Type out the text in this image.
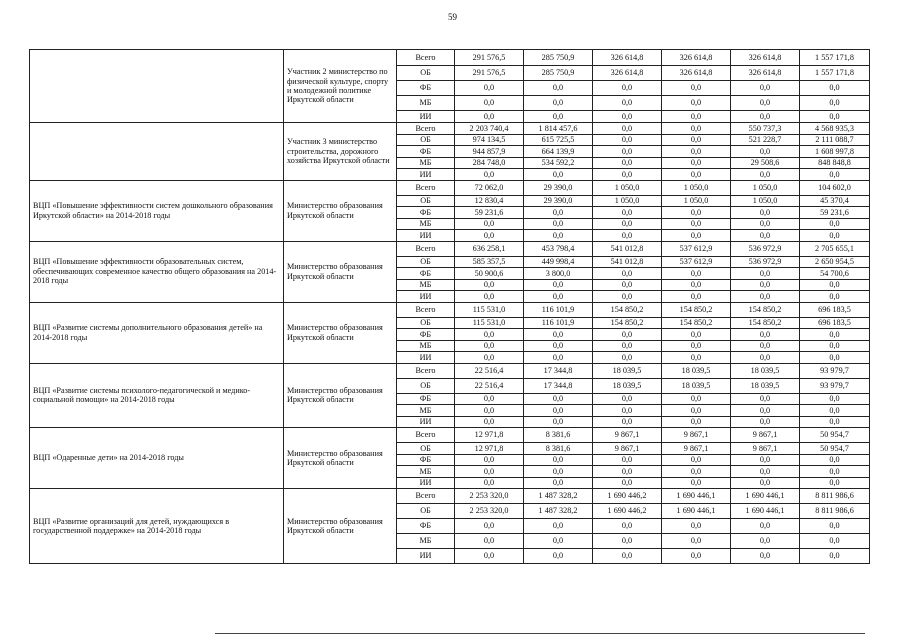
59
	Участник 2 министерство по физической культуре, спорту и молодежной политике Иркутской области	Всего	291 576,5	285 750,9	326 614,8	326 614,8	326 614,8	1 557 171,8
		ОБ	291 576,5	285 750,9	326 614,8	326 614,8	326 614,8	1 557 171,8
		ФБ	0,0	0,0	0,0	0,0	0,0	0,0
		МБ	0,0	0,0	0,0	0,0	0,0	0,0
		ИИ	0,0	0,0	0,0	0,0	0,0	0,0
	Участник 3 министерство строительства, дорожного хозяйства Иркутской области	Всего	2 203 740,4	1 814 457,6	0,0	0,0	550 737,3	4 568 935,3
		ОБ	974 134,5	615 725,5	0,0	0,0	521 228,7	2 111 088,7
		ФБ	944 857,9	664 139,9	0,0	0,0	0,0	1 608 997,8
		МБ	284 748,0	534 592,2	0,0	0,0	29 508,6	848 848,8
		ИИ	0,0	0,0	0,0	0,0	0,0	0,0
ВЦП «Повышение эффективности систем дошкольного образования Иркутской области» на 2014-2018 годы	Министерство образования Иркутской области	Всего	72 062,0	29 390,0	1 050,0	1 050,0	1 050,0	104 602,0
		ОБ	12 830,4	29 390,0	1 050,0	1 050,0	1 050,0	45 370,4
		ФБ	59 231,6	0,0	0,0	0,0	0,0	59 231,6
		МБ	0,0	0,0	0,0	0,0	0,0	0,0
		ИИ	0,0	0,0	0,0	0,0	0,0	0,0
ВЦП «Повышение эффективности образовательных систем, обеспечивающих современное качество общего образования на 2014-2018 годы	Министерство образования Иркутской области	Всего	636 258,1	453 798,4	541 012,8	537 612,9	536 972,9	2 705 655,1
		ОБ	585 357,5	449 998,4	541 012,8	537 612,9	536 972,9	2 650 954,5
		ФБ	50 900,6	3 800,0	0,0	0,0	0,0	54 700,6
		МБ	0,0	0,0	0,0	0,0	0,0	0,0
		ИИ	0,0	0,0	0,0	0,0	0,0	0,0
ВЦП «Развитие системы дополнительного образования детей» на 2014-2018 годы	Министерство образования Иркутской области	Всего	115 531,0	116 101,9	154 850,2	154 850,2	154 850,2	696 183,5
		ОБ	115 531,0	116 101,9	154 850,2	154 850,2	154 850,2	696 183,5
		ФБ	0,0	0,0	0,0	0,0	0,0	0,0
		МБ	0,0	0,0	0,0	0,0	0,0	0,0
		ИИ	0,0	0,0	0,0	0,0	0,0	0,0
ВЦП «Развитие системы психолого-педагогической и медико-социальной помощи» на 2014-2018 годы	Министерство образования Иркутской области	Всего	22 516,4	17 344,8	18 039,5	18 039,5	18 039,5	93 979,7
		ОБ	22 516,4	17 344,8	18 039,5	18 039,5	18 039,5	93 979,7
		ФБ	0,0	0,0	0,0	0,0	0,0	0,0
		МБ	0,0	0,0	0,0	0,0	0,0	0,0
		ИИ	0,0	0,0	0,0	0,0	0,0	0,0
ВЦП «Одаренные дети» на 2014-2018 годы	Министерство образования Иркутской области	Всего	12 971,8	8 381,6	9 867,1	9 867,1	9 867,1	50 954,7
		ОБ	12 971,8	8 381,6	9 867,1	9 867,1	9 867,1	50 954,7
		ФБ	0,0	0,0	0,0	0,0	0,0	0,0
		МБ	0,0	0,0	0,0	0,0	0,0	0,0
		ИИ	0,0	0,0	0,0	0,0	0,0	0,0
ВЦП «Развитие организаций для детей, нуждающихся в государственной поддержке» на 2014-2018 годы	Министерство образования Иркутской области	Всего	2 253 320,0	1 487 328,2	1 690 446,2	1 690 446,1	1 690 446,1	8 811 986,6
		ОБ	2 253 320,0	1 487 328,2	1 690 446,2	1 690 446,1	1 690 446,1	8 811 986,6
		ФБ	0,0	0,0	0,0	0,0	0,0	0,0
		МБ	0,0	0,0	0,0	0,0	0,0	0,0
		ИИ	0,0	0,0	0,0	0,0	0,0	0,0
